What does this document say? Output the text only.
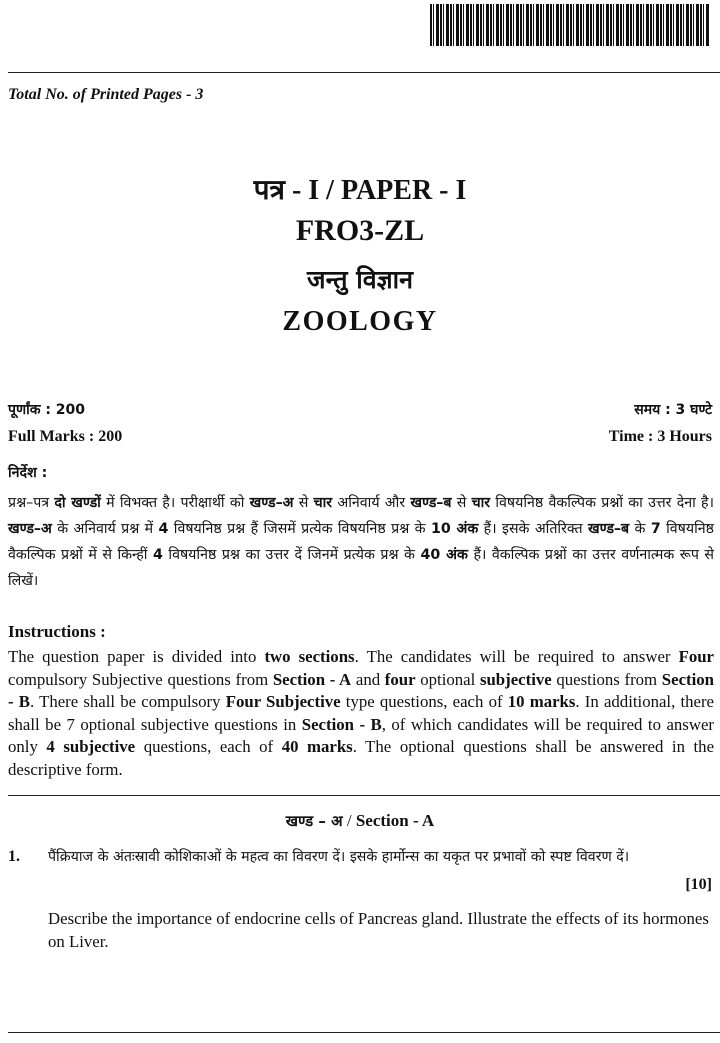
Total No. of Printed Pages - 3
पत्र - I / PAPER - I
FRO3-ZL
जन्तु विज्ञान
ZOOLOGY
पूर्णांक : 200
Full Marks : 200
समय : 3 घण्टे
Time : 3 Hours
निर्देश :
प्रश्न–पत्र दो खण्डों में विभक्त है। परीक्षार्थी को खण्ड–अ से चार अनिवार्य और खण्ड–ब से चार विषयनिष्ठ वैकल्पिक प्रश्नों का उत्तर देना है। खण्ड–अ के अनिवार्य प्रश्न में 4 विषयनिष्ठ प्रश्न हैं जिसमें प्रत्येक विषयनिष्ठ प्रश्न के 10 अंक हैं। इसके अतिरिक्त खण्ड–ब के 7 विषयनिष्ठ वैकल्पिक प्रश्नों में से किन्हीं 4 विषयनिष्ठ प्रश्न का उत्तर दें जिनमें प्रत्येक प्रश्न के 40 अंक हैं। वैकल्पिक प्रश्नों का उत्तर वर्णनात्मक रूप से लिखें।
Instructions :
The question paper is divided into two sections. The candidates will be required to answer Four compulsory Subjective questions from Section - A and four optional subjective questions from Section - B. There shall be compulsory Four Subjective type questions, each of 10 marks. In additional, there shall be 7 optional subjective questions in Section - B, of which candidates will be required to answer only 4 subjective questions, each of 40 marks. The optional questions shall be answered in the descriptive form.
खण्ड – अ / Section - A
1. पैंक्रियाज के अंतःस्रावी कोशिकाओं के महत्व का विवरण दें। इसके हार्मोन्स का यकृत पर प्रभावों को स्पष्ट विवरण दें।
[10]
Describe the importance of endocrine cells of Pancreas gland. Illustrate the effects of its hormones on Liver.
